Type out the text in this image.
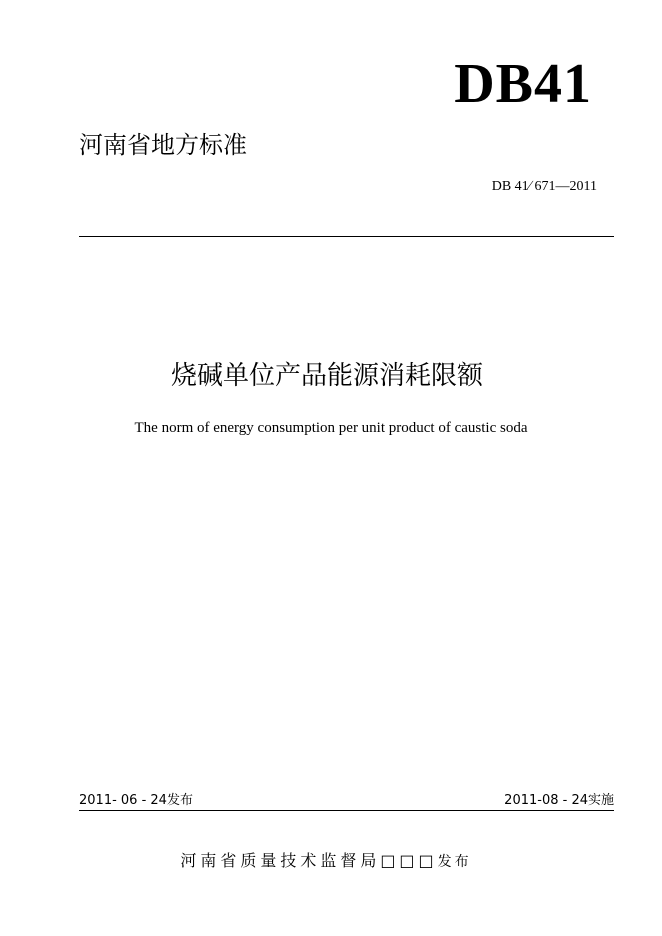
DB41
河南省地方标准
DB 41∕ 671—2011
烧碱单位产品能源消耗限额
The norm of energy consumption per unit product of caustic soda
2011- 06 - 24发布	2011-08 - 24实施
河南省质量技术监督局□□□发布
